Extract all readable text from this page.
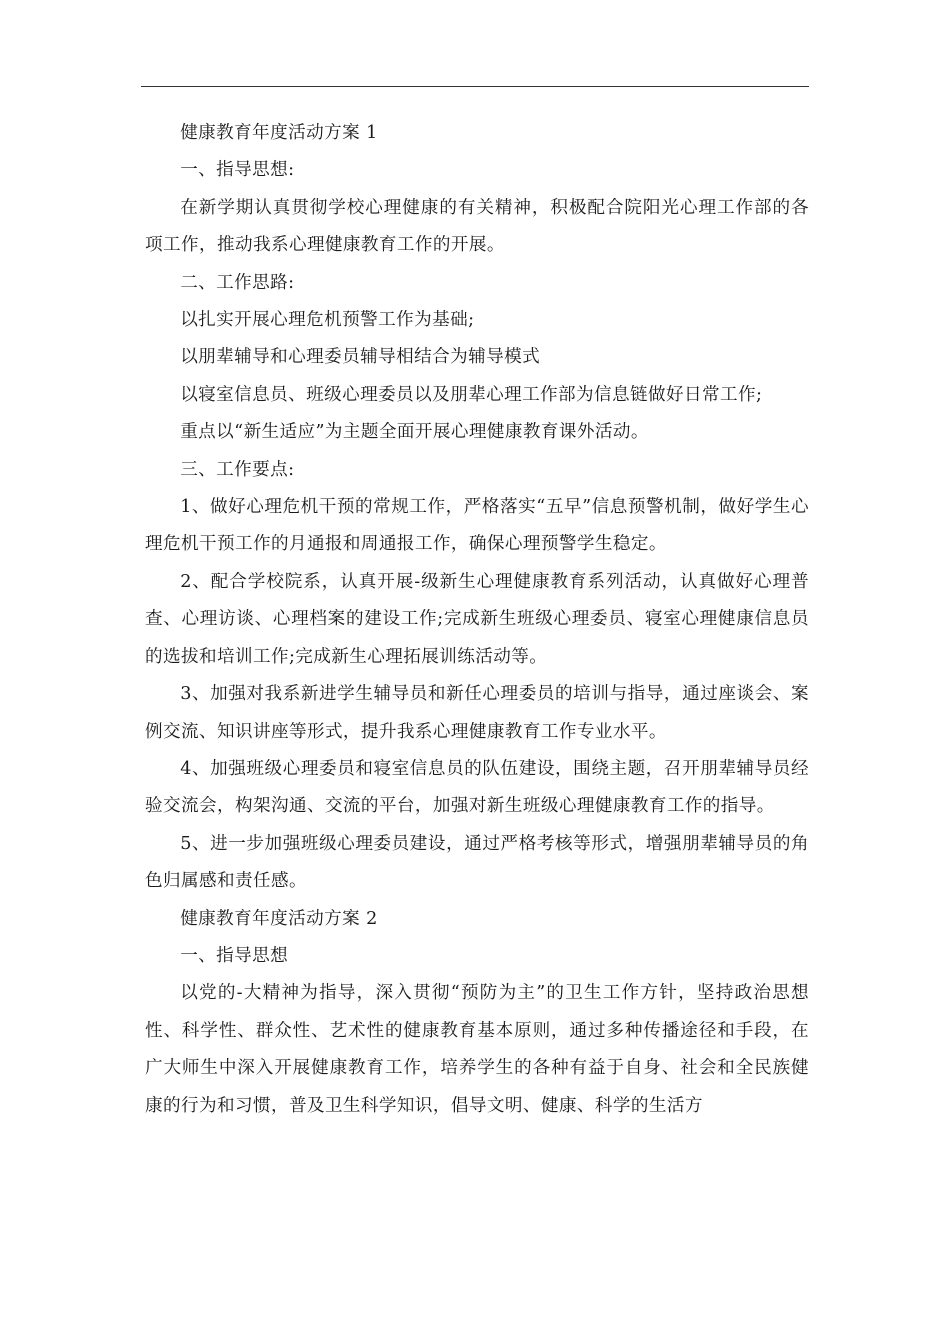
健康教育年度活动方案 1

一、指导思想:

在新学期认真贯彻学校心理健康的有关精神，积极配合院阳光心理工作部的各项工作，推动我系心理健康教育工作的开展。

二、工作思路:

以扎实开展心理危机预警工作为基础;

以朋辈辅导和心理委员辅导相结合为辅导模式

以寝室信息员、班级心理委员以及朋辈心理工作部为信息链做好日常工作;

重点以“新生适应”为主题全面开展心理健康教育课外活动。

三、工作要点:

1、做好心理危机干预的常规工作，严格落实“五早”信息预警机制，做好学生心理危机干预工作的月通报和周通报工作，确保心理预警学生稳定。

2、配合学校院系，认真开展-级新生心理健康教育系列活动，认真做好心理普查、心理访谈、心理档案的建设工作;完成新生班级心理委员、寝室心理健康信息员的选拔和培训工作;完成新生心理拓展训练活动等。

3、加强对我系新进学生辅导员和新任心理委员的培训与指导，通过座谈会、案例交流、知识讲座等形式，提升我系心理健康教育工作专业水平。

4、加强班级心理委员和寝室信息员的队伍建设，围绕主题，召开朋辈辅导员经验交流会，构架沟通、交流的平台，加强对新生班级心理健康教育工作的指导。

5、进一步加强班级心理委员建设，通过严格考核等形式，增强朋辈辅导员的角色归属感和责任感。

健康教育年度活动方案 2

一、指导思想

以党的-大精神为指导，深入贯彻“预防为主”的卫生工作方针，坚持政治思想性、科学性、群众性、艺术性的健康教育基本原则，通过多种传播途径和手段，在广大师生中深入开展健康教育工作，培养学生的各种有益于自身、社会和全民族健康的行为和习惯，普及卫生科学知识，倡导文明、健康、科学的生活方
